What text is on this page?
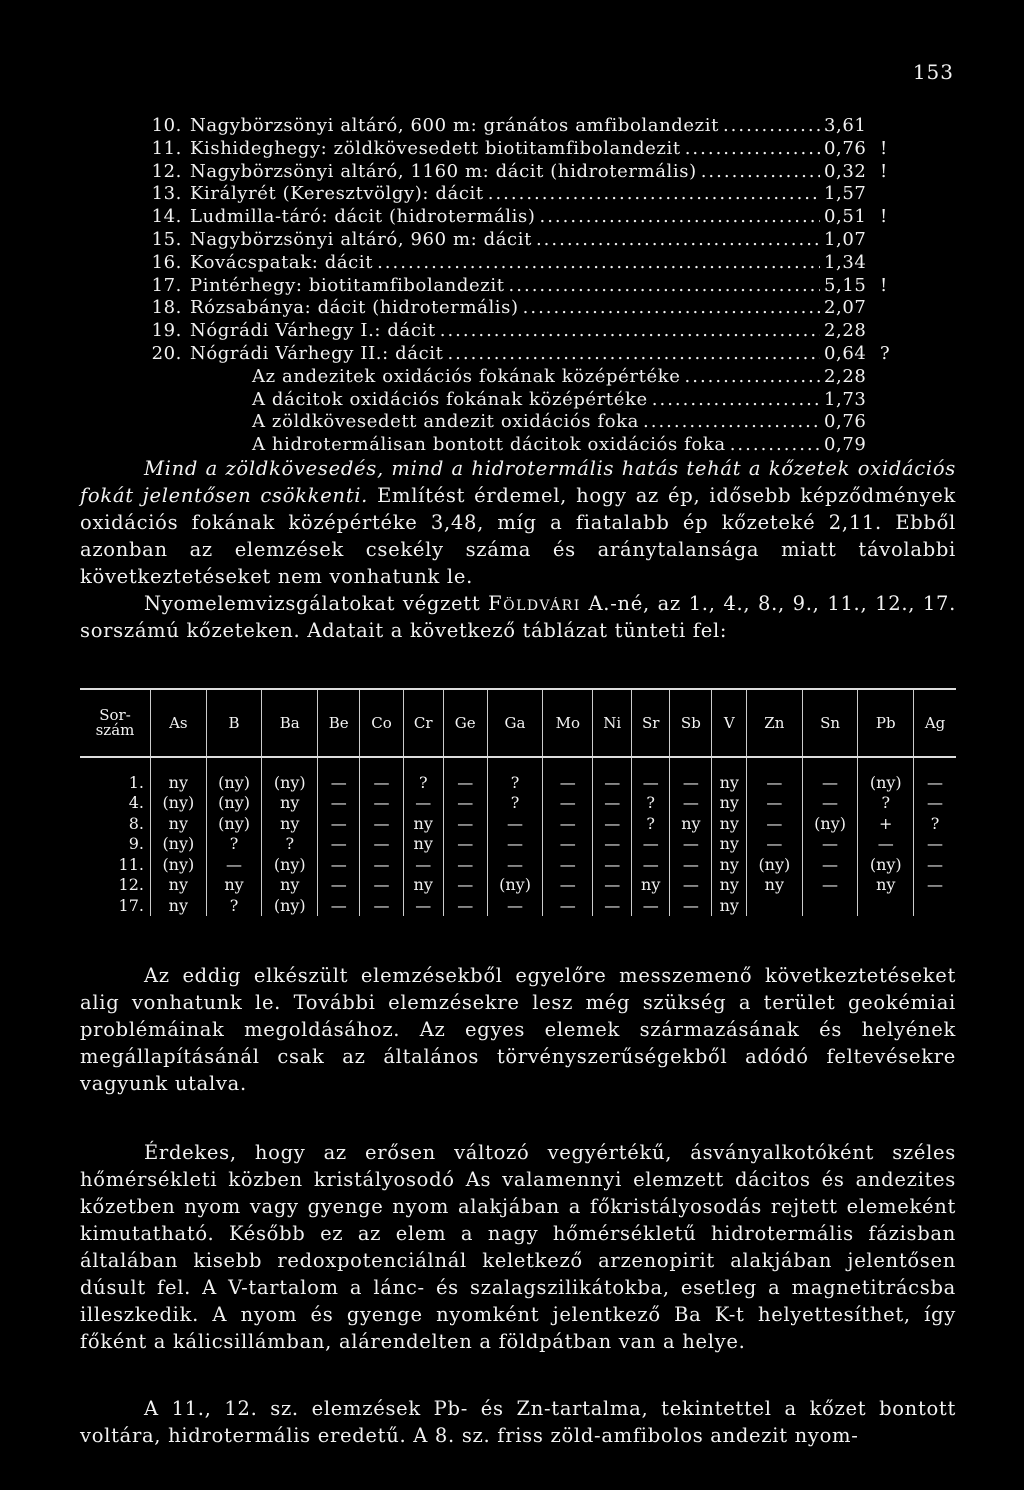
153
10. Nagybörzsönyi altáró, 600 m: gránátos amfibolandezit .....	3,61
11. Kishideghegy: zöldkövesedett biotitamfibolandezit .....	0,76 !
12. Nagybörzsönyi altáró, 1160 m: dácit (hidrotermális) .....	0,32 !
13. Királyrét (Keresztvölgy): dácit .....	1,57
14. Ludmilla-táró: dácit (hidrotermális) .....	0,51 !
15. Nagybörzsönyi altáró, 960 m: dácit .....	1,07
16. Kovácspatak: dácit .....	1,34
17. Pintérhegy: biotitamfibolandezit .....	5,15 !
18. Rózsabánya: dácit (hidrotermális) .....	2,07
19. Nógrádi Várhegy I.: dácit .....	2,28
20. Nógrádi Várhegy II.: dácit .....	0,64 ?
Az andezitek oxidációs fokának középértéke .....	2,28
A dácitok oxidációs fokának középértéke .....	1,73
A zöldkövesedett andezit oxidációs foka .....	0,76
A hidrotermálisan bontott dácitok oxidációs foka .....	0,79

Mind a zöldkövesedés, mind a hidrotermális hatás tehát a kőzetek oxidációs fokát jelentősen csökkenti. Említést érdemel, hogy az ép, idősebb képződmények oxidációs fokának középértéke 3,48, míg a fiatalabb ép kőzeteké 2,11. Ebből azonban az elemzések csekély száma és aránytalansága miatt távolabbi következtetéseket nem vonhatunk le.

Nyomelemvizsgálatokat végzett Földvári A.-né, az 1., 4., 8., 9., 11., 12., 17. sorszámú kőzeteken. Adatait a következő táblázat tünteti fel:

Sor-
szám	As	B	Ba	Be	Co	Cr	Ge	Ga	Mo	Ni	Sr	Sb	V	Zn	Sn	Pb	Ag
1.	ny	(ny)	(ny)	—	—	?	—	?	—	—	—	—	ny	—	—	(ny)	—
4.	(ny)	(ny)	ny	—	—	—	—	?	—	—	?	—	ny	—	—	?	—
8.	ny	(ny)	ny	—	—	ny	—	—	—	—	?	ny	ny	—	(ny)	+	?
9.	(ny)	?	?	—	—	ny	—	—	—	—	—	—	ny	—	—	—	—
11.	(ny)	—	(ny)	—	—	—	—	—	—	—	—	—	ny	(ny)	—	(ny)	—
12.	ny	ny	ny	—	—	ny	—	(ny)	—	—	ny	—	ny	ny	—	ny	—
17.	ny	?	(ny)	—	—	—	—	—	—	—	—	—	ny				

Az eddig elkészült elemzésekből egyelőre messzemenő következtetéseket alig vonhatunk le. További elemzésekre lesz még szükség a terület geokémiai problémáinak megoldásához. Az egyes elemek származásának és helyének megállapításánál csak az általános törvényszerűségekből adódó feltevésekre vagyunk utalva.

Érdekes, hogy az erősen változó vegyértékű, ásványalkotóként széles hőmérsékleti közben kristályosodó As valamennyi elemzett dácitos és andezites kőzetben nyom vagy gyenge nyom alakjában a főkristályosodás rejtett elemeként kimutatható. Később ez az elem a nagy hőmérsékletű hidrotermális fázisban általában kisebb redoxpotenciálnál keletkező arzenopirit alakjában jelentősen dúsult fel. A V-tartalom a lánc- és szalagszilikátokba, esetleg a magnetitrácsba illeszkedik. A nyom és gyenge nyomként jelentkező Ba K-t helyettesíthet, így főként a kálicsillámban, alárendelten a földpátban van a helye.

A 11., 12. sz. elemzések Pb- és Zn-tartalma, tekintettel a kőzet bontott voltára, hidrotermális eredetű. A 8. sz. friss zöld-amfibolos andezit nyom-
